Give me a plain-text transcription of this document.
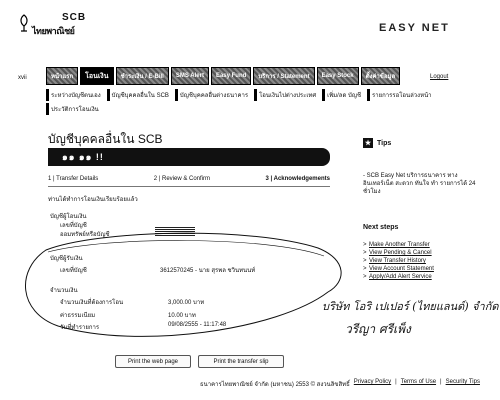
SCB
ไทยพาณิชย์	EASY NET
xvii	หน้าแรก	โอนเงิน	ชำระเงิน / E-Bill	SMS Alert	Easy Fund	บริการ / Statement	Easy Stock	ตั้งค่าข้อมูล	Logout
ระหว่างบัญชีตนเอง บัญชีบุคคลอื่นใน SCB บัญชีบุคคลอื่นต่างธนาคาร โอนเงินไปต่างประเทศ เพิ่ม/ลด บัญชี รายการรอโอนล่วงหน้า
ประวัติการโอนเงิน
บัญชีบุคคลอื่นใน SCB
๑๑ ๑๑ !!
1 | Transfer Details	2 | Review & Confirm	3 | Acknowledgements
ท่านได้ทำการโอนเงินเรียบร้อยแล้ว
บัญชีผู้โอนเงิน
เลขที่บัญชี
ออมทรัพย์หรือบัญชี
บัญชีผู้รับเงิน
เลขที่บัญชี	3612570245 - นาย สุรพล ชวินทนนท์
จำนวนเงิน
จำนวนเงินที่ต้องการโอน	3,000.00 บาท
ค่าธรรมเนียม	10.00 บาท
วันที่ทำรายการ	09/08/2555 - 11:17:48
Print the web page	Print the transfer slip
บริษัท โอริ เปเปอร์ (ไทยแลนด์) จำกัด
วรีญา ศรีเพ็ง
★ Tips
- SCB Easy Net บริการธนาคาร ทางอินเทอร์เน็ต สะดวก ทันใจ ทำ รายการได้ 24 ชั่วโมง
Next steps
> Make Another Transfer
> View Pending & Cancel
> View Transfer History
> View Account Statement
> Apply/Add Alert Service
ธนาคารไทยพาณิชย์ จำกัด (มหาชน) 2553 © สงวนลิขสิทธิ์ Privacy Policy | Terms of Use | Security Tips
